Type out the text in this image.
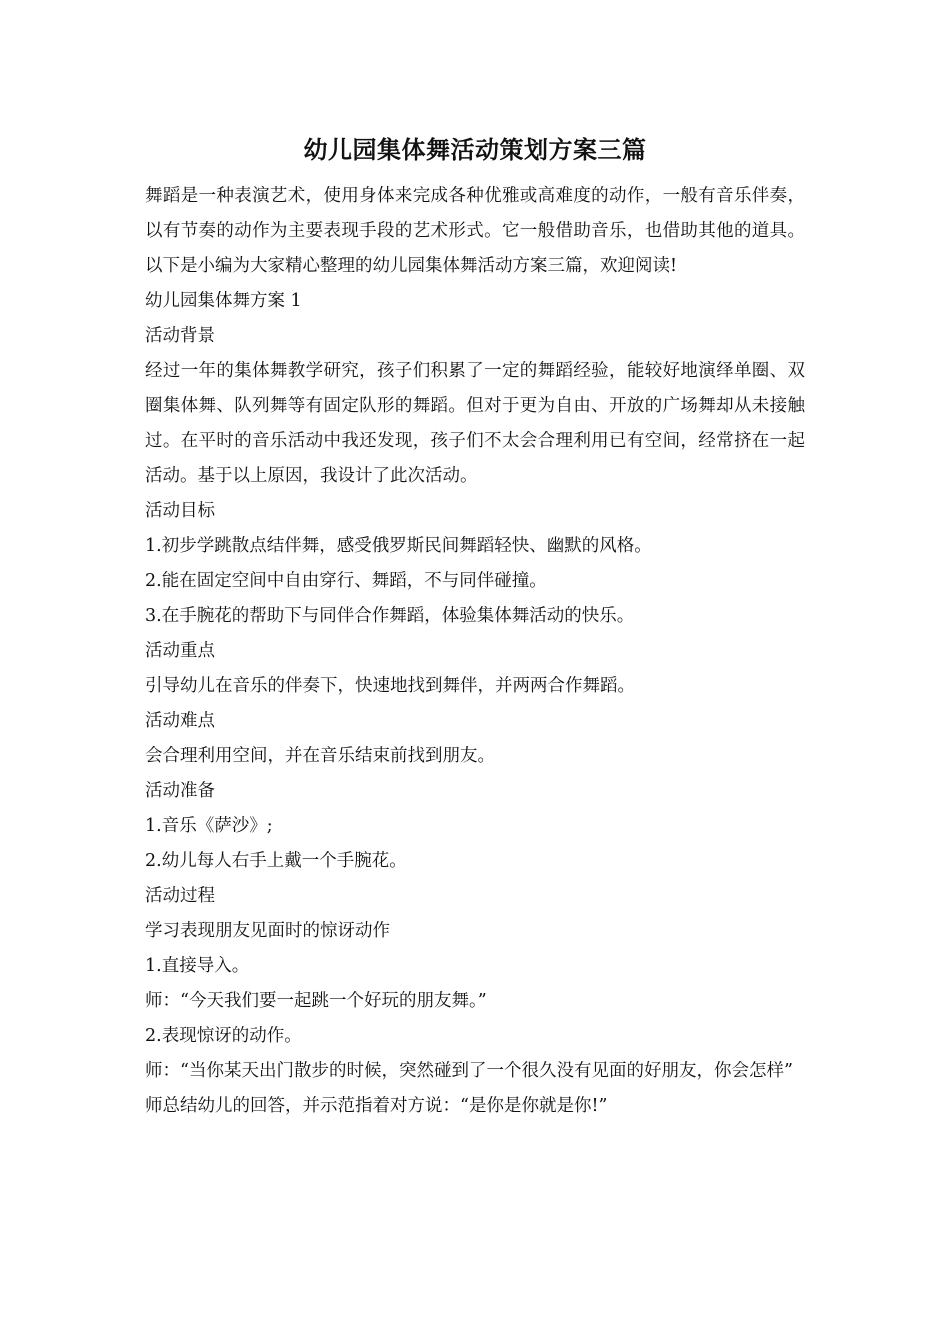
幼儿园集体舞活动策划方案三篇

舞蹈是一种表演艺术，使用身体来完成各种优雅或高难度的动作，一般有音乐伴奏，以有节奏的动作为主要表现手段的艺术形式。它一般借助音乐，也借助其他的道具。以下是小编为大家精心整理的幼儿园集体舞活动方案三篇，欢迎阅读!

幼儿园集体舞方案 1

活动背景

经过一年的集体舞教学研究，孩子们积累了一定的舞蹈经验，能较好地演绎单圈、双圈集体舞、队列舞等有固定队形的舞蹈。但对于更为自由、开放的广场舞却从未接触过。在平时的音乐活动中我还发现，孩子们不太会合理利用已有空间，经常挤在一起活动。基于以上原因，我设计了此次活动。

活动目标

1.初步学跳散点结伴舞，感受俄罗斯民间舞蹈轻快、幽默的风格。

2.能在固定空间中自由穿行、舞蹈，不与同伴碰撞。

3.在手腕花的帮助下与同伴合作舞蹈，体验集体舞活动的快乐。

活动重点

引导幼儿在音乐的伴奏下，快速地找到舞伴，并两两合作舞蹈。

活动难点

会合理利用空间，并在音乐结束前找到朋友。

活动准备

1.音乐《萨沙》;

2.幼儿每人右手上戴一个手腕花。

活动过程

学习表现朋友见面时的惊讶动作

1.直接导入。

师：“今天我们要一起跳一个好玩的朋友舞。”

2.表现惊讶的动作。

师：“当你某天出门散步的时候，突然碰到了一个很久没有见面的好朋友，你会怎样”

师总结幼儿的回答，并示范指着对方说：“是你是你就是你!”
